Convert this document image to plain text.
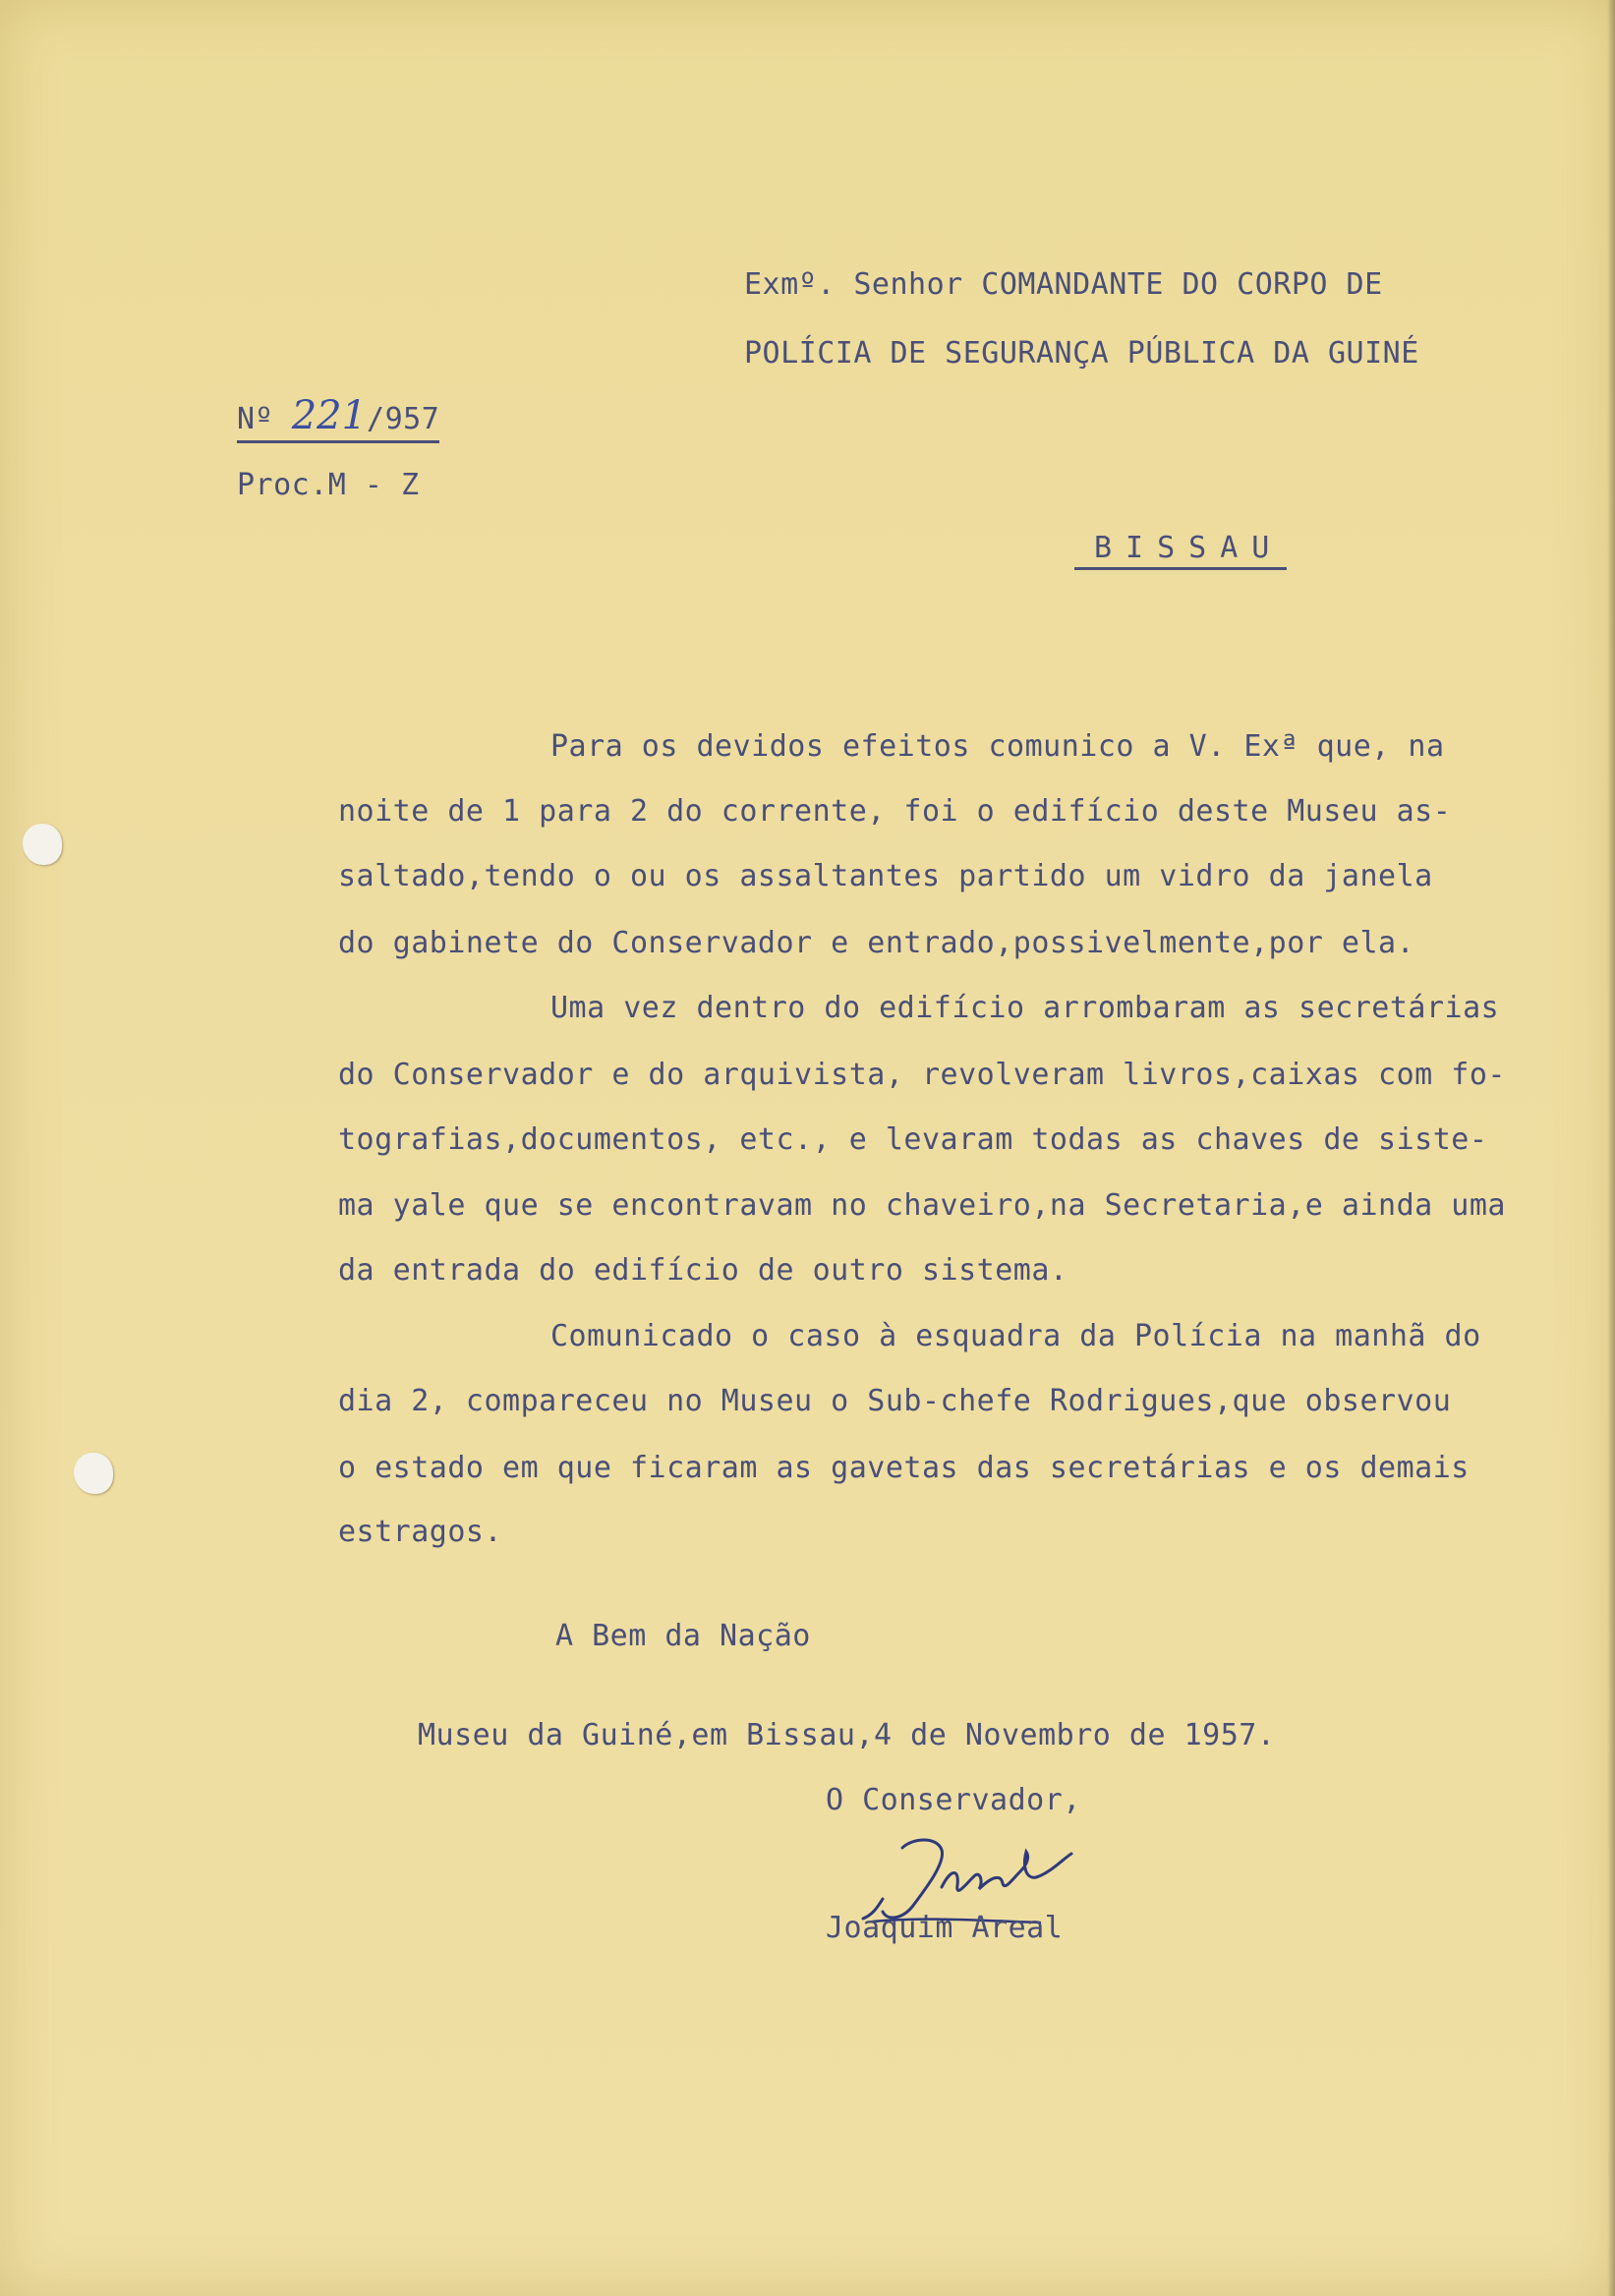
Exmº. Senhor COMANDANTE DO CORPO DE
POLÍCIA DE SEGURANÇA PÚBLICA DA GUINÉ
Nº 221/957
Proc.M - Z
BISSAU
Para os devidos efeitos comunico a V. Exª que, na
noite de 1 para 2 do corrente, foi o edifício deste Museu as-
saltado,tendo o ou os assaltantes partido um vidro da janela
do gabinete do Conservador e entrado,possivelmente,por ela.
Uma vez dentro do edifício arrombaram as secretárias
do Conservador e do arquivista, revolveram livros,caixas com fo-
tografias,documentos, etc., e levaram todas as chaves de siste-
ma yale que se encontravam no chaveiro,na Secretaria,e ainda uma
da entrada do edifício de outro sistema.
Comunicado o caso à esquadra da Polícia na manhã do
dia 2, compareceu no Museu o Sub-chefe Rodrigues,que observou
o estado em que ficaram as gavetas das secretárias e os demais
estragos.
A Bem da Nação
Museu da Guiné,em Bissau,4 de Novembro de 1957.
O Conservador,
Joaquim Areal
